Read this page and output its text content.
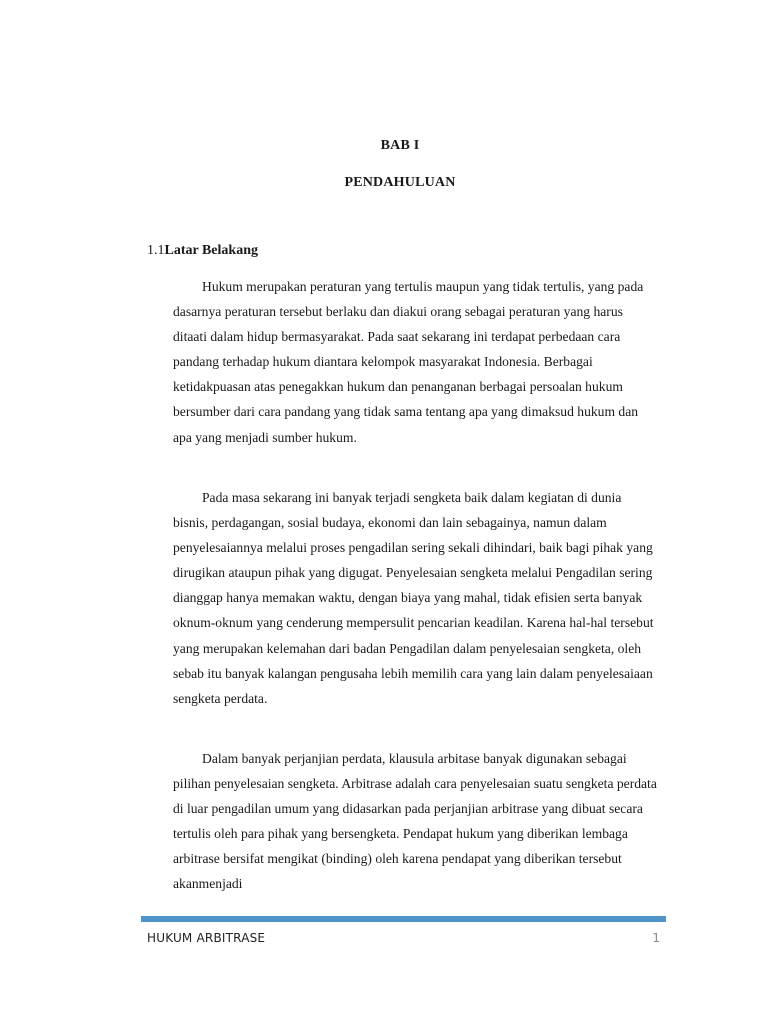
BAB I
PENDAHULUAN
1.1Latar Belakang

Hukum merupakan peraturan yang tertulis maupun yang tidak tertulis, yang pada dasarnya peraturan tersebut berlaku dan diakui orang sebagai peraturan yang harus ditaati dalam hidup bermasyarakat. Pada saat sekarang ini terdapat perbedaan cara pandang terhadap hukum diantara kelompok masyarakat Indonesia. Berbagai ketidakpuasan atas penegakkan hukum dan penanganan berbagai persoalan hukum bersumber dari cara pandang yang tidak sama tentang apa yang dimaksud hukum dan apa yang menjadi sumber hukum.

Pada masa sekarang ini banyak terjadi sengketa baik dalam kegiatan di dunia bisnis, perdagangan, sosial budaya, ekonomi dan lain sebagainya, namun dalam penyelesaiannya melalui proses pengadilan sering sekali dihindari, baik bagi pihak yang dirugikan ataupun pihak yang digugat. Penyelesaian sengketa melalui Pengadilan sering dianggap hanya memakan waktu, dengan biaya yang mahal, tidak efisien serta banyak oknum-oknum yang cenderung mempersulit pencarian keadilan. Karena hal-hal tersebut yang merupakan kelemahan dari badan Pengadilan dalam penyelesaian sengketa, oleh sebab itu banyak kalangan pengusaha lebih memilih cara yang lain dalam penyelesaiaan sengketa perdata.

Dalam banyak perjanjian perdata, klausula arbitase banyak digunakan sebagai pilihan penyelesaian sengketa. Arbitrase adalah cara penyelesaian suatu sengketa perdata di luar pengadilan umum yang didasarkan pada perjanjian arbitrase yang dibuat secara tertulis oleh para pihak yang bersengketa. Pendapat hukum yang diberikan lembaga arbitrase bersifat mengikat (binding) oleh karena pendapat yang diberikan tersebut akanmenjadi

HUKUM ARBITRASE	1
